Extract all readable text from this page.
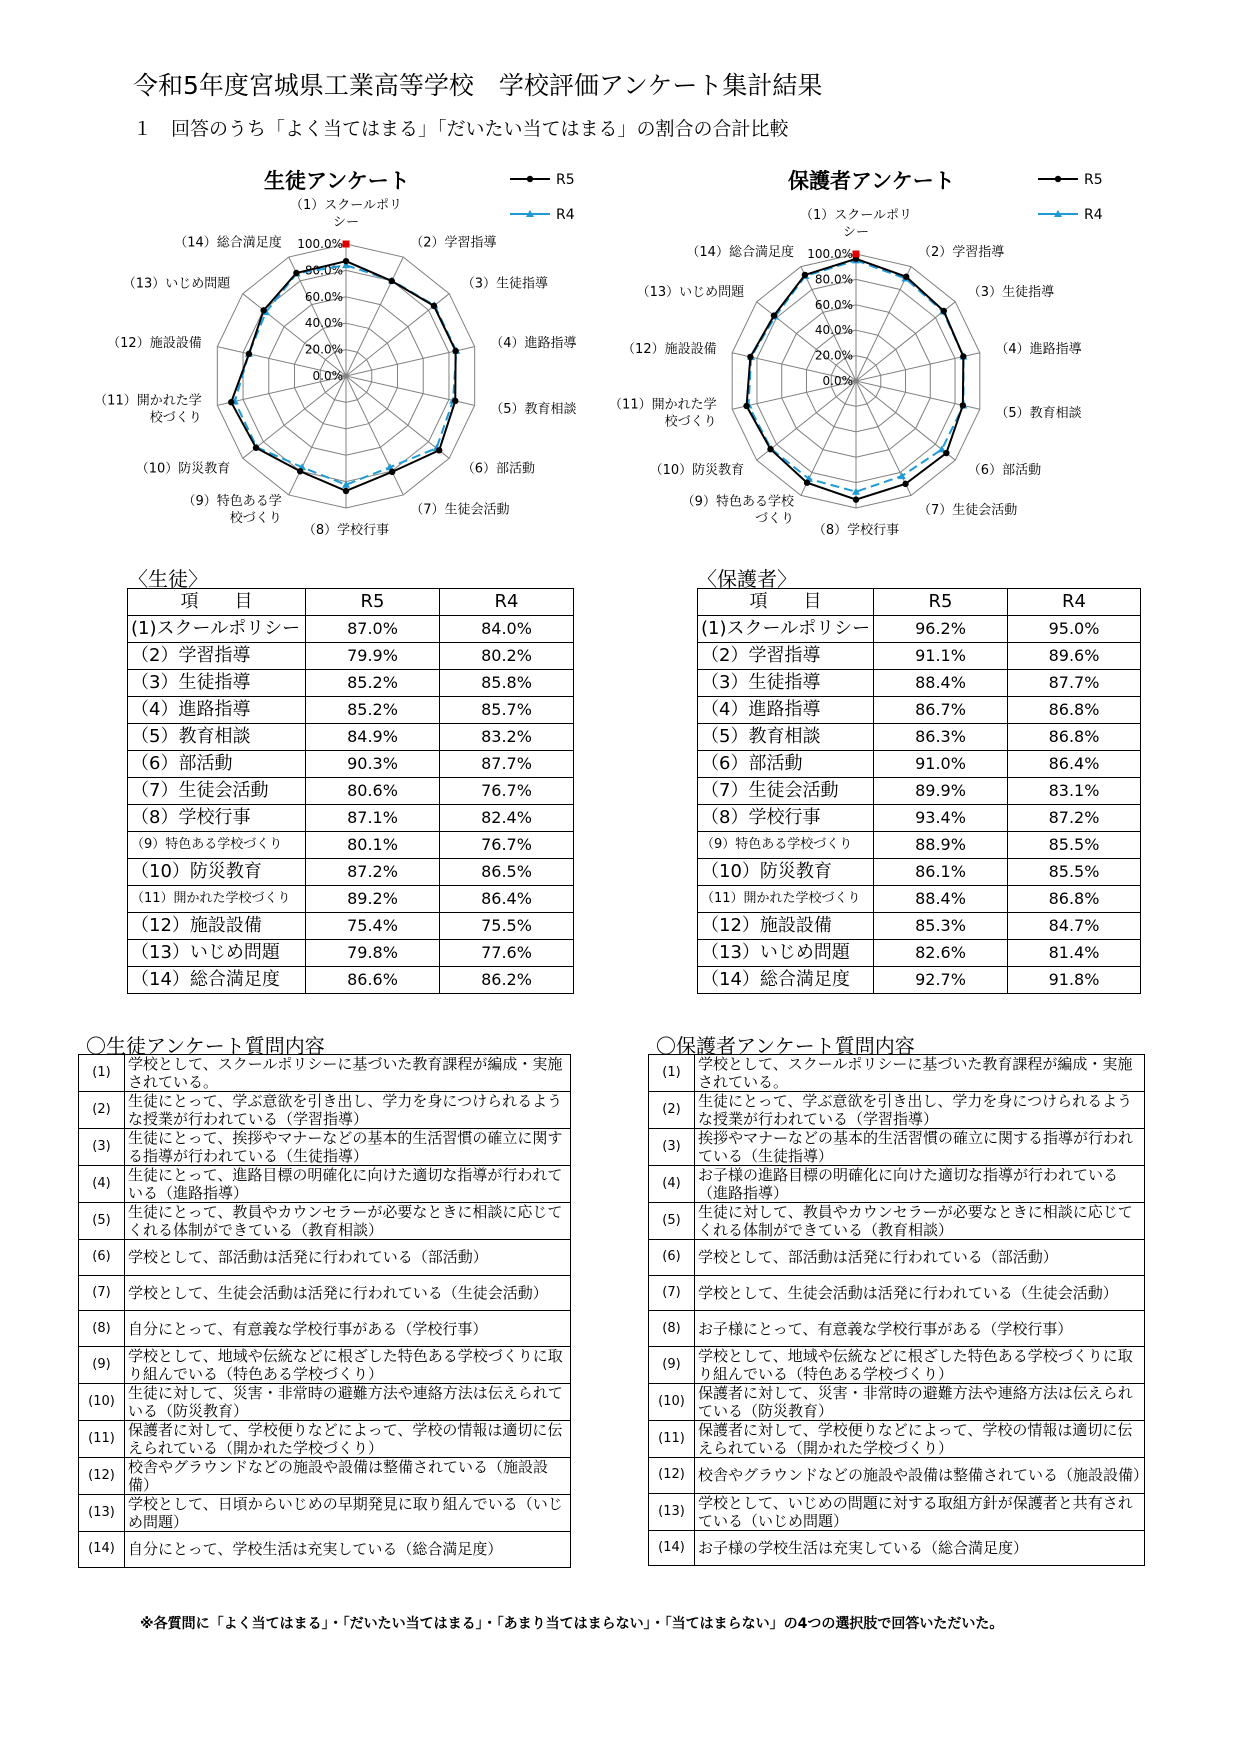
令和5年度宮城県工業高等学校　学校評価アンケート集計結果
１　回答のうち「よく当てはまる」「だいたい当てはまる」の割合の合計比較
生徒アンケート
0.0%
20.0%
40.0%
60.0%
80.0%
100.0%
（1）スクールポリシー
（2）学習指導
（3）生徒指導
（4）進路指導
（5）教育相談
（6）部活動
（7）生徒会活動
（8）学校行事
（9）特色ある学校づくり
（10）防災教育
（11）開かれた学校づくり
（12）施設設備
（13）いじめ問題
（14）総合満足度
R5
R4
保護者アンケート
0.0%
20.0%
40.0%
60.0%
80.0%
100.0%
（1）スクールポリシー
（2）学習指導
（3）生徒指導
（4）進路指導
（5）教育相談
（6）部活動
（7）生徒会活動
（8）学校行事
（9）特色ある学校づくり
（10）防災教育
（11）開かれた学校づくり
（12）施設設備
（13）いじめ問題
（14）総合満足度
R5
R4
〈生徒〉
項　　目	R5	R4
(1)スクールポリシー	87.0%	84.0%
（2）学習指導	79.9%	80.2%
（3）生徒指導	85.2%	85.8%
（4）進路指導	85.2%	85.7%
（5）教育相談	84.9%	83.2%
（6）部活動	90.3%	87.7%
（7）生徒会活動	80.6%	76.7%
（8）学校行事	87.1%	82.4%
（9）特色ある学校づくり	80.1%	76.7%
（10）防災教育	87.2%	86.5%
（11）開かれた学校づくり	89.2%	86.4%
（12）施設設備	75.4%	75.5%
（13）いじめ問題	79.8%	77.6%
（14）総合満足度	86.6%	86.2%
〈保護者〉
項　　目	R5	R4
(1)スクールポリシー	96.2%	95.0%
（2）学習指導	91.1%	89.6%
（3）生徒指導	88.4%	87.7%
（4）進路指導	86.7%	86.8%
（5）教育相談	86.3%	86.8%
（6）部活動	91.0%	86.4%
（7）生徒会活動	89.9%	83.1%
（8）学校行事	93.4%	87.2%
（9）特色ある学校づくり	88.9%	85.5%
（10）防災教育	86.1%	85.5%
（11）開かれた学校づくり	88.4%	86.8%
（12）施設設備	85.3%	84.7%
（13）いじめ問題	82.6%	81.4%
（14）総合満足度	92.7%	91.8%
〇生徒アンケート質問内容
(1)	学校として、スクールポリシーに基づいた教育課程が編成・実施されている。
(2)	生徒にとって、学ぶ意欲を引き出し、学力を身につけられるような授業が行われている（学習指導）
(3)	生徒にとって、挨拶やマナーなどの基本的生活習慣の確立に関する指導が行われている（生徒指導）
(4)	生徒にとって、進路目標の明確化に向けた適切な指導が行われている（進路指導）
(5)	生徒にとって、教員やカウンセラーが必要なときに相談に応じてくれる体制ができている（教育相談）
(6)	学校として、部活動は活発に行われている（部活動）
(7)	学校として、生徒会活動は活発に行われている（生徒会活動）
(8)	自分にとって、有意義な学校行事がある（学校行事）
(9)	学校として、地域や伝統などに根ざした特色ある学校づくりに取り組んでいる（特色ある学校づくり）
(10)	生徒に対して、災害・非常時の避難方法や連絡方法は伝えられている（防災教育）
(11)	保護者に対して、学校便りなどによって、学校の情報は適切に伝えられている（開かれた学校づくり）
(12)	校舎やグラウンドなどの施設や設備は整備されている（施設設備）
(13)	学校として、日頃からいじめの早期発見に取り組んでいる（いじめ問題）
(14)	自分にとって、学校生活は充実している（総合満足度）
〇保護者アンケート質問内容
(1)	学校として、スクールポリシーに基づいた教育課程が編成・実施されている。
(2)	生徒にとって、学ぶ意欲を引き出し、学力を身につけられるような授業が行われている（学習指導）
(3)	挨拶やマナーなどの基本的生活習慣の確立に関する指導が行われている（生徒指導）
(4)	お子様の進路目標の明確化に向けた適切な指導が行われている（進路指導）
(5)	生徒に対して、教員やカウンセラーが必要なときに相談に応じてくれる体制ができている（教育相談）
(6)	学校として、部活動は活発に行われている（部活動）
(7)	学校として、生徒会活動は活発に行われている（生徒会活動）
(8)	お子様にとって、有意義な学校行事がある（学校行事）
(9)	学校として、地域や伝統などに根ざした特色ある学校づくりに取り組んでいる（特色ある学校づくり）
(10)	保護者に対して、災害・非常時の避難方法や連絡方法は伝えられている（防災教育）
(11)	保護者に対して、学校便りなどによって、学校の情報は適切に伝えられている（開かれた学校づくり）
(12)	校舎やグラウンドなどの施設や設備は整備されている（施設設備）
(13)	学校として、いじめの問題に対する取組方針が保護者と共有されている（いじめ問題）
(14)	お子様の学校生活は充実している（総合満足度）
※各質問に「よく当てはまる」・「だいたい当てはまる」・「あまり当てはまらない」・「当てはまらない」の4つの選択肢で回答いただいた。
